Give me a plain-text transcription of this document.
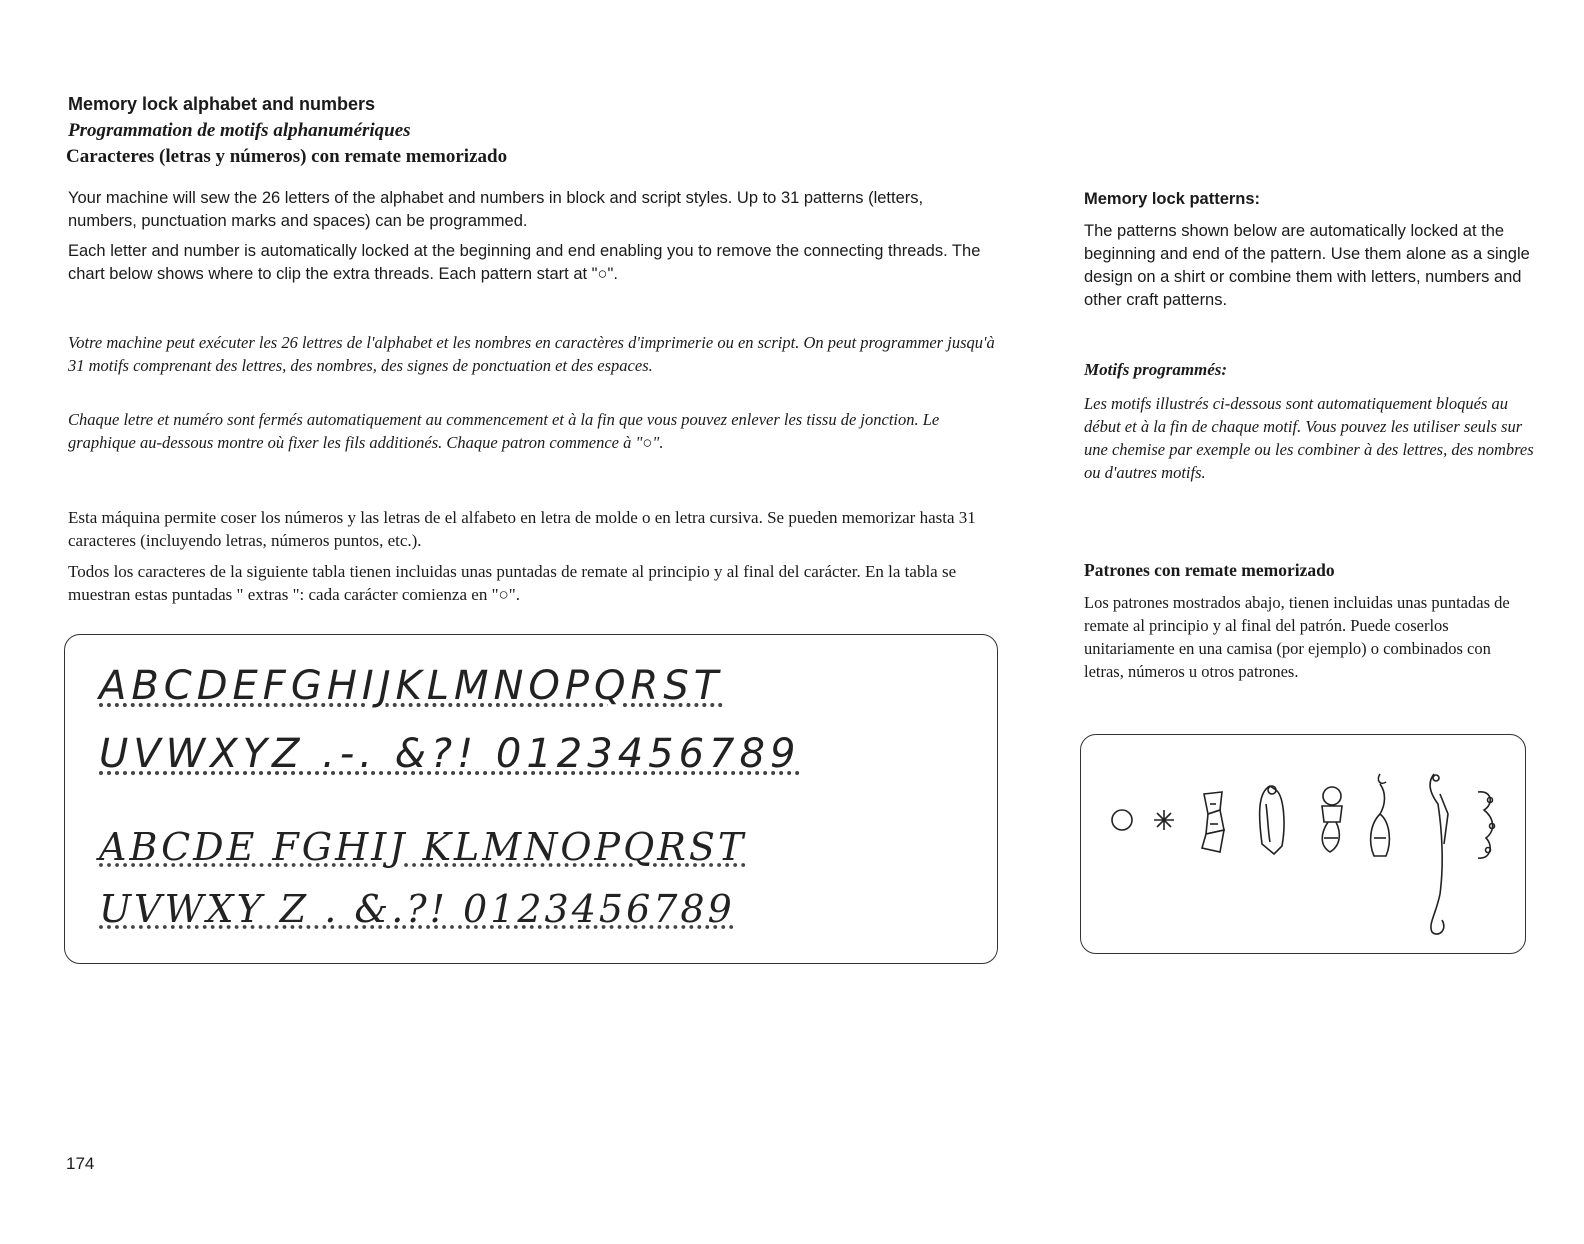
Memory lock alphabet and numbers
Programmation de motifs alphanumériques
Caracteres (letras y números) con remate memorizado
Your machine will sew the 26 letters of the alphabet and numbers in block and script styles. Up to 31 patterns (letters, numbers, punctuation marks and spaces) can be programmed.
Each letter and number is automatically locked at the beginning and end enabling you to remove the connecting threads. The chart below shows where to clip the extra threads. Each pattern start at "○".
Votre machine peut exécuter les 26 lettres de l'alphabet et les nombres en caractères d'imprimerie ou en script. On peut programmer jusqu'à 31 motifs comprenant des lettres, des nombres, des signes de ponctuation et des espaces.
Chaque letre et numéro sont fermés automatiquement au commencement et à la fin que vous pouvez enlever les tissu de jonction. Le graphique au-dessous montre où fixer les fils additionés. Chaque patron commence à "○".
Esta máquina permite coser los números y las letras de el alfabeto en letra de molde o en letra cursiva. Se pueden memorizar hasta 31 caracteres (incluyendo letras, números puntos, etc.).
Todos los caracteres de la siguiente tabla tienen incluidas unas puntadas de remate al principio y al final del carácter. En la tabla se muestran estas puntadas " extras ": cada carácter comienza en "○".
ABCDEFGHIJKLMNOPQRST
UVWXYZ .-. &?! 0123456789
ABCDE FGHIJ KLMNOPQRST
UVWXY Z . &.?! 0123456789
Memory lock patterns:
The patterns shown below are automatically locked at the beginning and end of the pattern. Use them alone as a single design on a shirt or combine them with letters, numbers and other craft patterns.
Motifs programmés:
Les motifs illustrés ci-dessous sont automatiquement bloqués au début et à la fin de chaque motif. Vous pouvez les utiliser seuls sur une chemise par exemple ou les combiner à des lettres, des nombres ou d'autres motifs.
Patrones con remate memorizado
Los patrones mostrados abajo, tienen incluidas unas puntadas de remate al principio y al final del patrón. Puede coserlos unitariamente en una camisa (por ejemplo) o combinados con letras, números u otros patrones.
174
